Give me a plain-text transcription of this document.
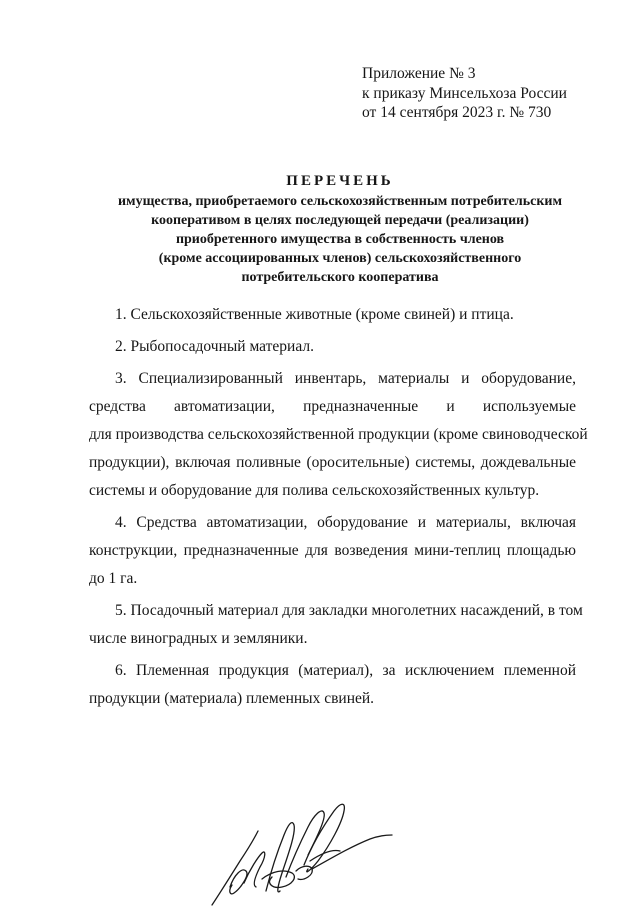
Приложение № 3
к приказу Минсельхоза России
от 14 сентября 2023 г. № 730
ПЕРЕЧЕНЬ
имущества, приобретаемого сельскохозяйственным потребительским
кооперативом в целях последующей передачи (реализации)
приобретенного имущества в собственность членов
(кроме ассоциированных членов) сельскохозяйственного
потребительского кооператива

1. Сельскохозяйственные животные (кроме свиней) и птица.

2. Рыбопосадочный материал.

3. Специализированный инвентарь, материалы и оборудование,
средства автоматизации, предназначенные и используемые
для производства сельскохозяйственной продукции (кроме свиноводческой
продукции), включая поливные (оросительные) системы, дождевальные
системы и оборудование для полива сельскохозяйственных культур.

4. Средства автоматизации, оборудование и материалы, включая
конструкции, предназначенные для возведения мини-теплиц площадью
до 1 га.

5. Посадочный материал для закладки многолетних насаждений, в том
числе виноградных и земляники.

6. Племенная продукция (материал), за исключением племенной
продукции (материала) племенных свиней.
